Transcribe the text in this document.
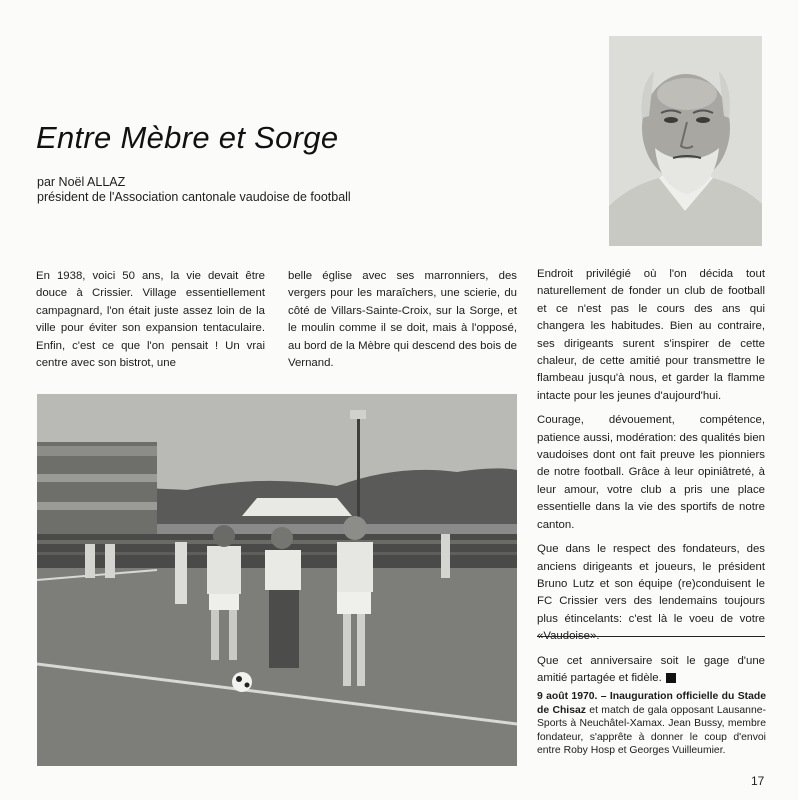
Entre Mèbre et Sorge
par Noël ALLAZ
président de l'Association cantonale vaudoise de football

En 1938, voici 50 ans, la vie devait être douce à Crissier. Village essentiellement campagnard, l'on était juste assez loin de la ville pour éviter son expansion tentaculaire. Enfin, c'est ce que l'on pensait ! Un vrai centre avec son bistrot, une

belle église avec ses marronniers, des vergers pour les maraîchers, une scierie, du côté de Villars-Sainte-Croix, sur la Sorge, et le moulin comme il se doit, mais à l'opposé, au bord de la Mèbre qui descend des bois de Vernand.

Endroit privilégié où l'on décida tout naturellement de fonder un club de football et ce n'est pas le cours des ans qui changera les habitudes. Bien au contraire, ses dirigeants surent s'inspirer de cette chaleur, de cette amitié pour transmettre le flambeau jusqu'à nous, et garder la flamme intacte pour les jeunes d'aujourd'hui.

Courage, dévouement, compétence, patience aussi, modération: des qualités bien vaudoises dont ont fait preuve les pionniers de notre football. Grâce à leur opiniâtreté, à leur amour, votre club a pris une place essentielle dans la vie des sportifs de notre canton.

Que dans le respect des fondateurs, des anciens dirigeants et joueurs, le président Bruno Lutz et son équipe (re)conduisent le FC Crissier vers des lendemains toujours plus étincelants: c'est là le voeu de votre «Vaudoise».

Que cet anniversaire soit le gage d'une amitié partagée et fidèle.

9 août 1970. – Inauguration officielle du Stade de Chisaz et match de gala opposant Lausanne-Sports à Neuchâtel-Xamax. Jean Bussy, membre fondateur, s'apprête à donner le coup d'envoi entre Roby Hosp et Georges Vuilleumier.

17
